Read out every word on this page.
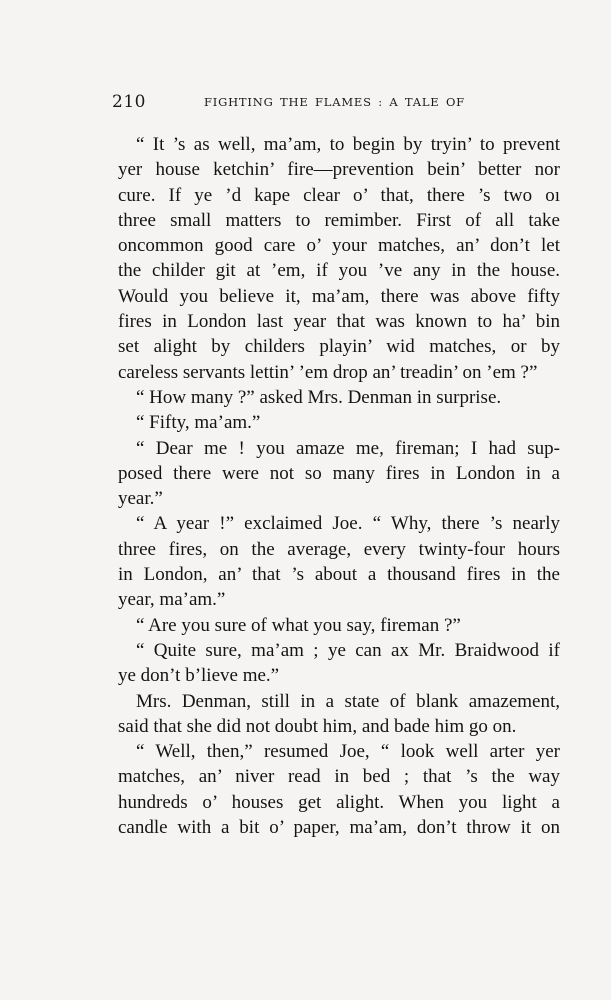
210	FIGHTING THE FLAMES : A TALE OF
“ It ’s as well, ma’am, to begin by tryin’ to prevent
yer house ketchin’ fire—prevention bein’ better nor
cure. If ye ’d kape clear o’ that, there ’s two oı
three small matters to remimber. First of all take
oncommon good care o’ your matches, an’ don’t let
the childer git at ’em, if you ’ve any in the house.
Would you believe it, ma’am, there was above fifty
fires in London last year that was known to ha’ bin
set alight by childers playin’ wid matches, or by
careless servants lettin’ ’em drop an’ treadin’ on ’em ?”
“ How many ?” asked Mrs. Denman in surprise.
“ Fifty, ma’am.”
“ Dear me ! you amaze me, fireman; I had sup-
posed there were not so many fires in London in a
year.”
“ A year !” exclaimed Joe. “ Why, there ’s nearly
three fires, on the average, every twinty-four hours
in London, an’ that ’s about a thousand fires in the
year, ma’am.”
“ Are you sure of what you say, fireman ?”
“ Quite sure, ma’am ; ye can ax Mr. Braidwood if
ye don’t b’lieve me.”
Mrs. Denman, still in a state of blank amazement,
said that she did not doubt him, and bade him go on.
“ Well, then,” resumed Joe, “ look well arter yer
matches, an’ niver read in bed ; that ’s the way
hundreds o’ houses get alight. When you light a
candle with a bit o’ paper, ma’am, don’t throw it on
